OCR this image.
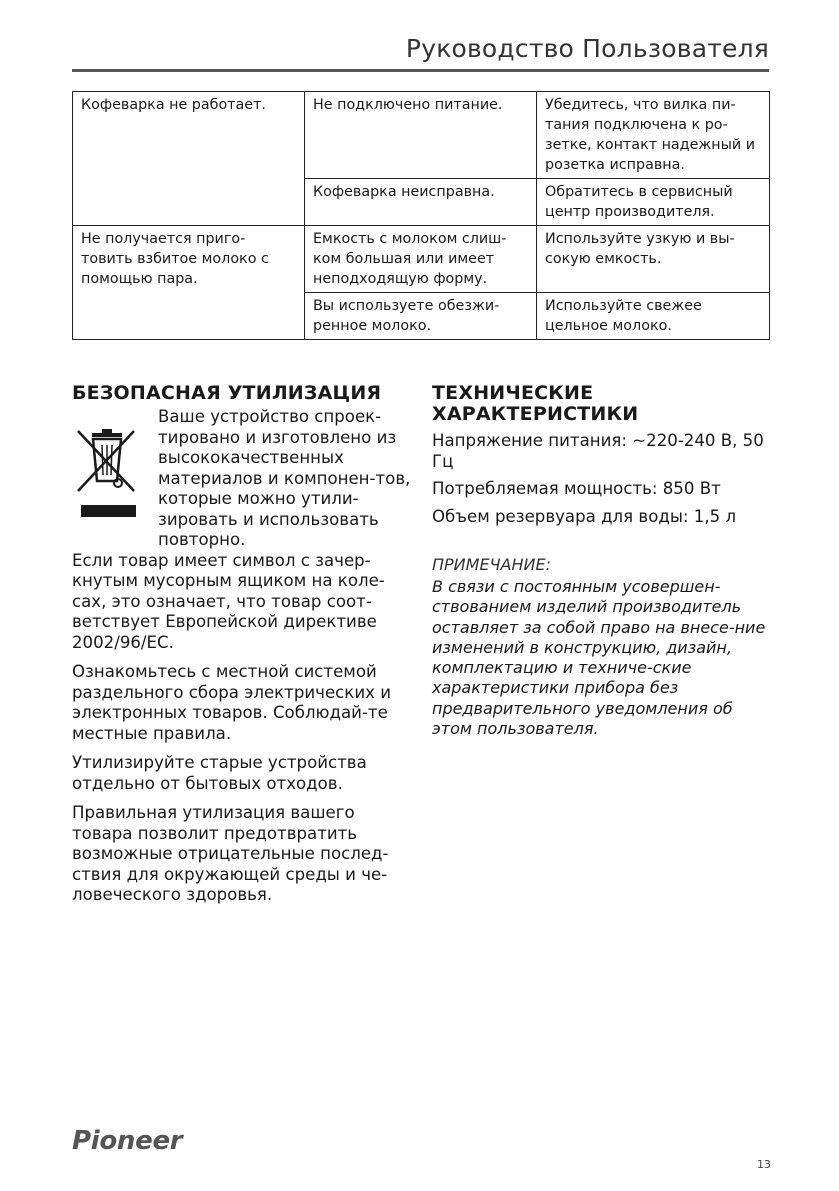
Руководство Пользователя
Кофеварка не работает.	Не подключено питание.	Убедитесь, что вилка пи-тания подключена к ро-зетке, контакт надежный и розетка исправна.
	Кофеварка неисправна.	Обратитесь в сервисный центр производителя.
Не получается приго-товить взбитое молоко с помощью пара.	Емкость с молоком слиш-ком большая или имеет неподходящую форму.	Используйте узкую и вы-сокую емкость.
	Вы используете обезжи-ренное молоко.	Используйте свежее цельное молоко.
БЕЗОПАСНАЯ УТИЛИЗАЦИЯ
Ваше устройство спроек-тировано и изготовлено из высококачественных материалов и компонен-тов, которые можно утили-зировать и использовать повторно.

Если товар имеет символ с зачер-кнутым мусорным ящиком на коле-сах, это означает, что товар соот-ветствует Европейской директиве 2002/96/EC.

Ознакомьтесь с местной системой раздельного сбора электрических и электронных товаров. Соблюдай-те местные правила.

Утилизируйте старые устройства отдельно от бытовых отходов.

Правильная утилизация вашего товара позволит предотвратить возможные отрицательные послед-ствия для окружающей среды и че-ловеческого здоровья.

ТЕХНИЧЕСКИЕ ХАРАКТЕРИСТИКИ

Напряжение питания: ~220-240 В, 50 Гц

Потребляемая мощность: 850 Вт

Объем резервуара для воды: 1,5 л

ПРИМЕЧАНИЕ:

В связи с постоянным усовершен-ствованием изделий производитель оставляет за собой право на внесе-ние изменений в конструкцию, дизайн, комплектацию и техниче-ские характеристики прибора без предварительного уведомления об этом пользователя.

Pioneer
13
